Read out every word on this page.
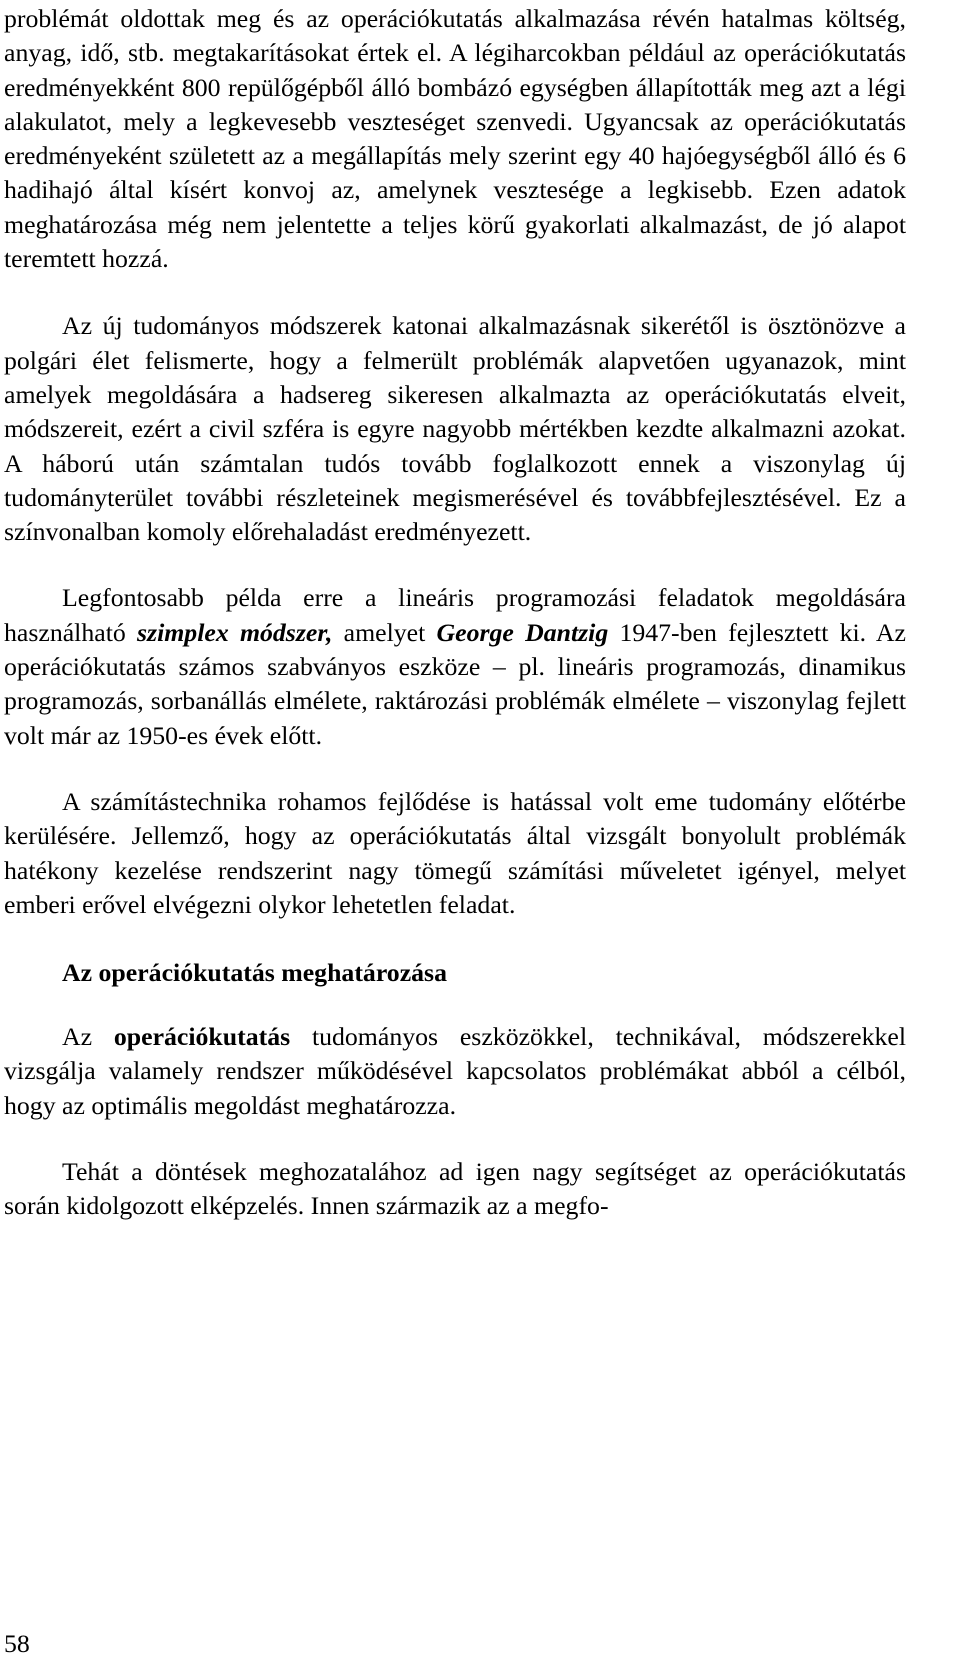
problémát oldottak meg és az operációkutatás alkalmazása révén hatalmas költség, anyag, idő, stb. megtakarításokat értek el. A légiharcokban például az operációkutatás eredményekként 800 repülőgépből álló bombázó egységben állapították meg azt a légi alakulatot, mely a legkevesebb veszteséget szenvedi. Ugyancsak az operációkutatás eredményeként született az a megállapítás mely szerint egy 40 hajóegységből álló és 6 hadihajó által kísért konvoj az, amelynek vesztesége a legkisebb. Ezen adatok meghatározása még nem jelentette a teljes körű gyakorlati alkalmazást, de jó alapot teremtett hozzá.

Az új tudományos módszerek katonai alkalmazásnak sikerétől is ösztönözve a polgári élet felismerte, hogy a felmerült problémák alapvetően ugyanazok, mint amelyek megoldására a hadsereg sikeresen alkalmazta az operációkutatás elveit, módszereit, ezért a civil szféra is egyre nagyobb mértékben kezdte alkalmazni azokat. A háború után számtalan tudós tovább foglalkozott ennek a viszonylag új tudományterület további részleteinek megismerésével és továbbfejlesztésével. Ez a színvonalban komoly előrehaladást eredményezett.

Legfontosabb példa erre a lineáris programozási feladatok megoldására használható szimplex módszer, amelyet George Dantzig 1947-ben fejlesztett ki. Az operációkutatás számos szabványos eszköze – pl. lineáris programozás, dinamikus programozás, sorbanállás elmélete, raktározási problémák elmélete – viszonylag fejlett volt már az 1950-es évek előtt.

A számítástechnika rohamos fejlődése is hatással volt eme tudomány előtérbe kerülésére. Jellemző, hogy az operációkutatás által vizsgált bonyolult problémák hatékony kezelése rendszerint nagy tömegű számítási műveletet igényel, melyet emberi erővel elvégezni olykor lehetetlen feladat.

Az operációkutatás meghatározása

Az operációkutatás tudományos eszközökkel, technikával, módszerekkel vizsgálja valamely rendszer működésével kapcsolatos problémákat abból a célból, hogy az optimális megoldást meghatározza.

Tehát a döntések meghozatalához ad igen nagy segítséget az operációkutatás során kidolgozott elképzelés. Innen származik az a megfo-

58
